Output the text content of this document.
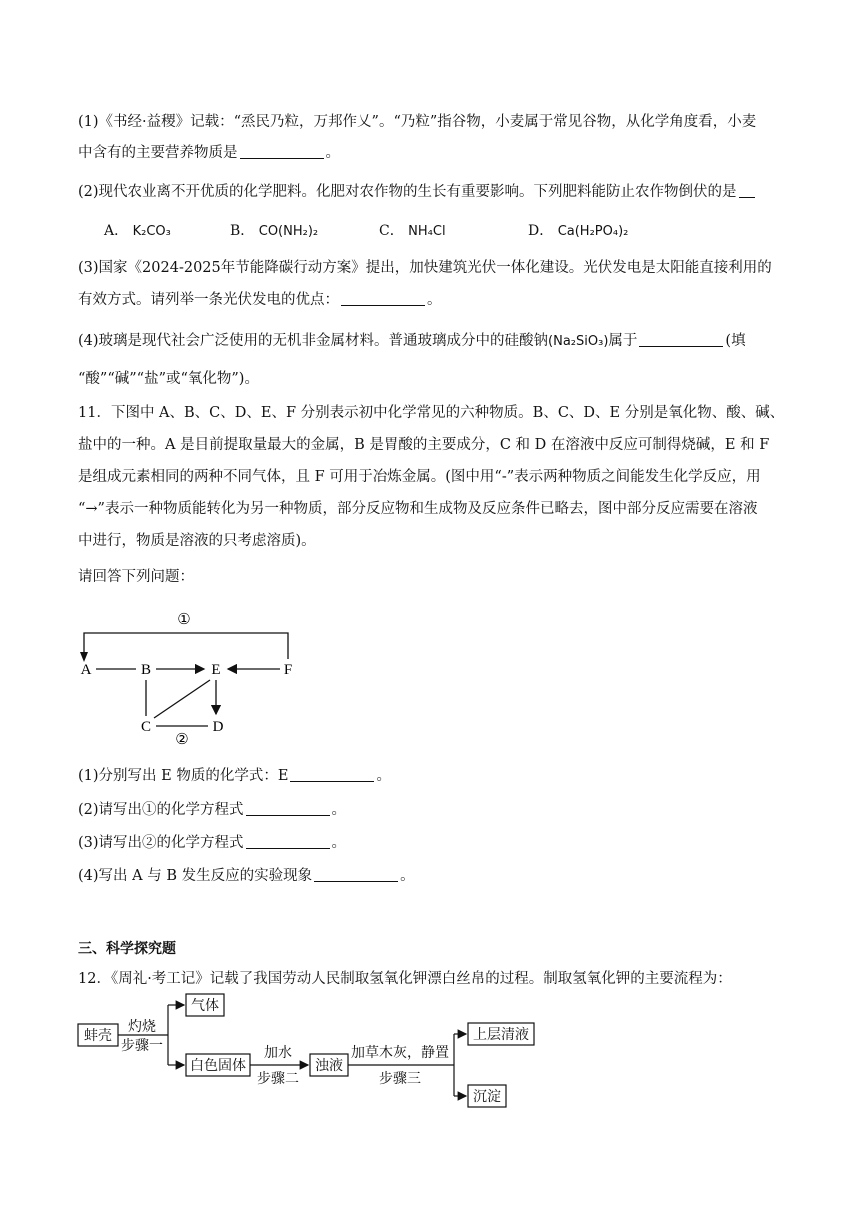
(1)《书经·益稷》记载：“烝民乃粒，万邦作乂”。“乃粒”指谷物，小麦属于常见谷物，从化学角度看，小麦
中含有的主要营养物质是	。
(2)现代农业离不开优质的化学肥料。化肥对农作物的生长有重要影响。下列肥料能防止农作物倒伏的是
A． K₂CO₃	B． CO(NH₂)₂	C． NH₄Cl	D． Ca(H₂PO₄)₂
(3)国家《2024-2025年节能降碳行动方案》提出，加快建筑光伏一体化建设。光伏发电是太阳能直接利用的
有效方式。请列举一条光伏发电的优点：	。
(4)玻璃是现代社会广泛使用的无机非金属材料。普通玻璃成分中的硅酸钠(Na₂SiO₃)属于	(填
“酸”“碱”“盐”或“氧化物”)。
11．下图中 A、B、C、D、E、F 分别表示初中化学常见的六种物质。B、C、D、E 分别是氧化物、酸、碱、
盐中的一种。A 是目前提取量最大的金属，B 是胃酸的主要成分，C 和 D 在溶液中反应可制得烧碱，E 和 F
是组成元素相同的两种不同气体，且 F 可用于冶炼金属。(图中用“-”表示两种物质之间能发生化学反应，用
“→”表示一种物质能转化为另一种物质，部分反应物和生成物及反应条件已略去，图中部分反应需要在溶液
中进行，物质是溶液的只考虑溶质)。
请回答下列问题：
①
A	B	E	F
C	D
②
(1)分别写出 E 物质的化学式：E	。
(2)请写出①的化学方程式	。
(3)请写出②的化学方程式	。
(4)写出 A 与 B 发生反应的实验现象	。
三、科学探究题
12．《周礼·考工记》记载了我国劳动人民制取氢氧化钾漂白丝帛的过程。制取氢氧化钾的主要流程为：
蚌壳
灼烧
步骤一
气体
白色固体
加水
步骤二
浊液
加草木灰，静置
步骤三
上层清液
沉淀
